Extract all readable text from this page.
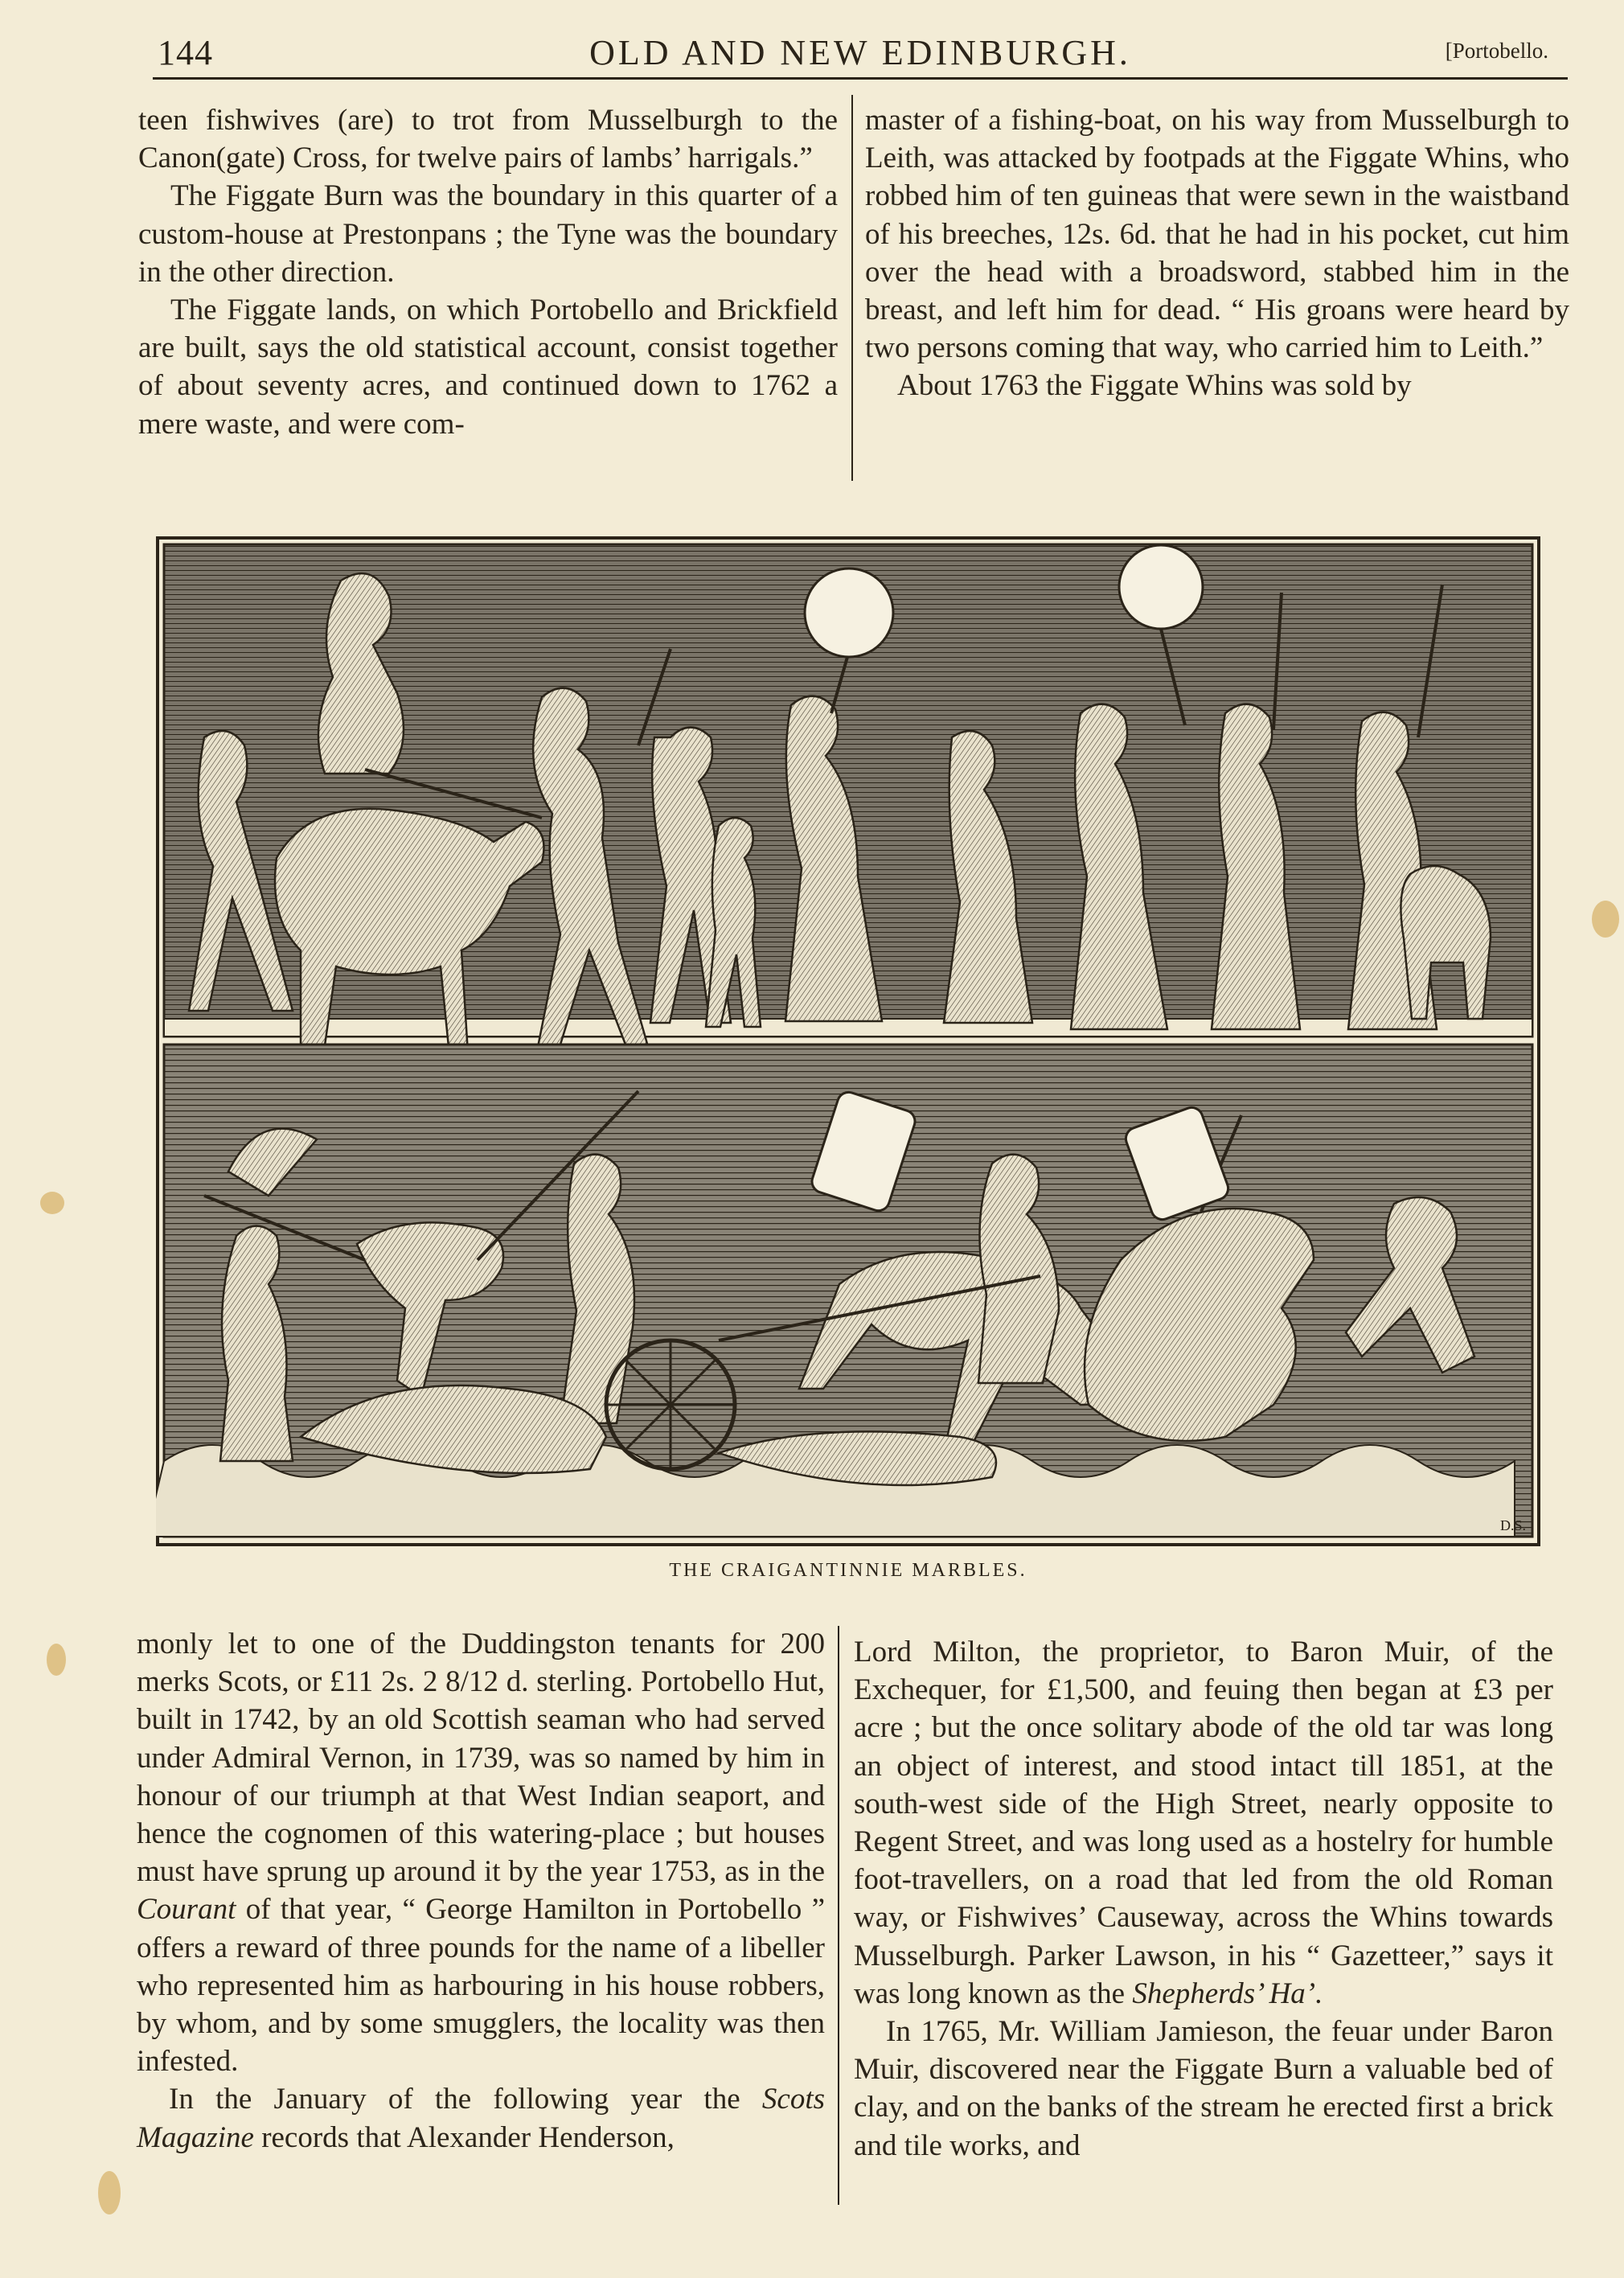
144	OLD AND NEW EDINBURGH.	[Portobello.

teen fishwives (are) to trot from Musselburgh to the Canon(gate) Cross, for twelve pairs of lambs’ harrigals.”

The Figgate Burn was the boundary in this quarter of a custom-house at Prestonpans ; the Tyne was the boundary in the other direction.

The Figgate lands, on which Portobello and Brickfield are built, says the old statistical account, consist together of about seventy acres, and continued down to 1762 a mere waste, and were com-

master of a fishing-boat, on his way from Musselburgh to Leith, was attacked by footpads at the Figgate Whins, who robbed him of ten guineas that were sewn in the waistband of his breeches, 12s. 6d. that he had in his pocket, cut him over the head with a broadsword, stabbed him in the breast, and left him for dead. “ His groans were heard by two persons coming that way, who carried him to Leith.”

About 1763 the Figgate Whins was sold by

D.S.
THE CRAIGANTINNIE MARBLES.

monly let to one of the Duddingston tenants for 200 merks Scots, or £11 2s. 2 8/12 d. sterling. Portobello Hut, built in 1742, by an old Scottish seaman who had served under Admiral Vernon, in 1739, was so named by him in honour of our triumph at that West Indian seaport, and hence the cognomen of this watering-place ; but houses must have sprung up around it by the year 1753, as in the Courant of that year, “ George Hamilton in Portobello ” offers a reward of three pounds for the name of a libeller who represented him as harbouring in his house robbers, by whom, and by some smugglers, the locality was then infested.

In the January of the following year the Scots Magazine records that Alexander Henderson,

Lord Milton, the proprietor, to Baron Muir, of the Exchequer, for £1,500, and feuing then began at £3 per acre ; but the once solitary abode of the old tar was long an object of interest, and stood intact till 1851, at the south-west side of the High Street, nearly opposite to Regent Street, and was long used as a hostelry for humble foot-travellers, on a road that led from the old Roman way, or Fishwives’ Causeway, across the Whins towards Musselburgh. Parker Lawson, in his “ Gazetteer,” says it was long known as the Shepherds’ Ha’.

In 1765, Mr. William Jamieson, the feuar under Baron Muir, discovered near the Figgate Burn a valuable bed of clay, and on the banks of the stream he erected first a brick and tile works, and
